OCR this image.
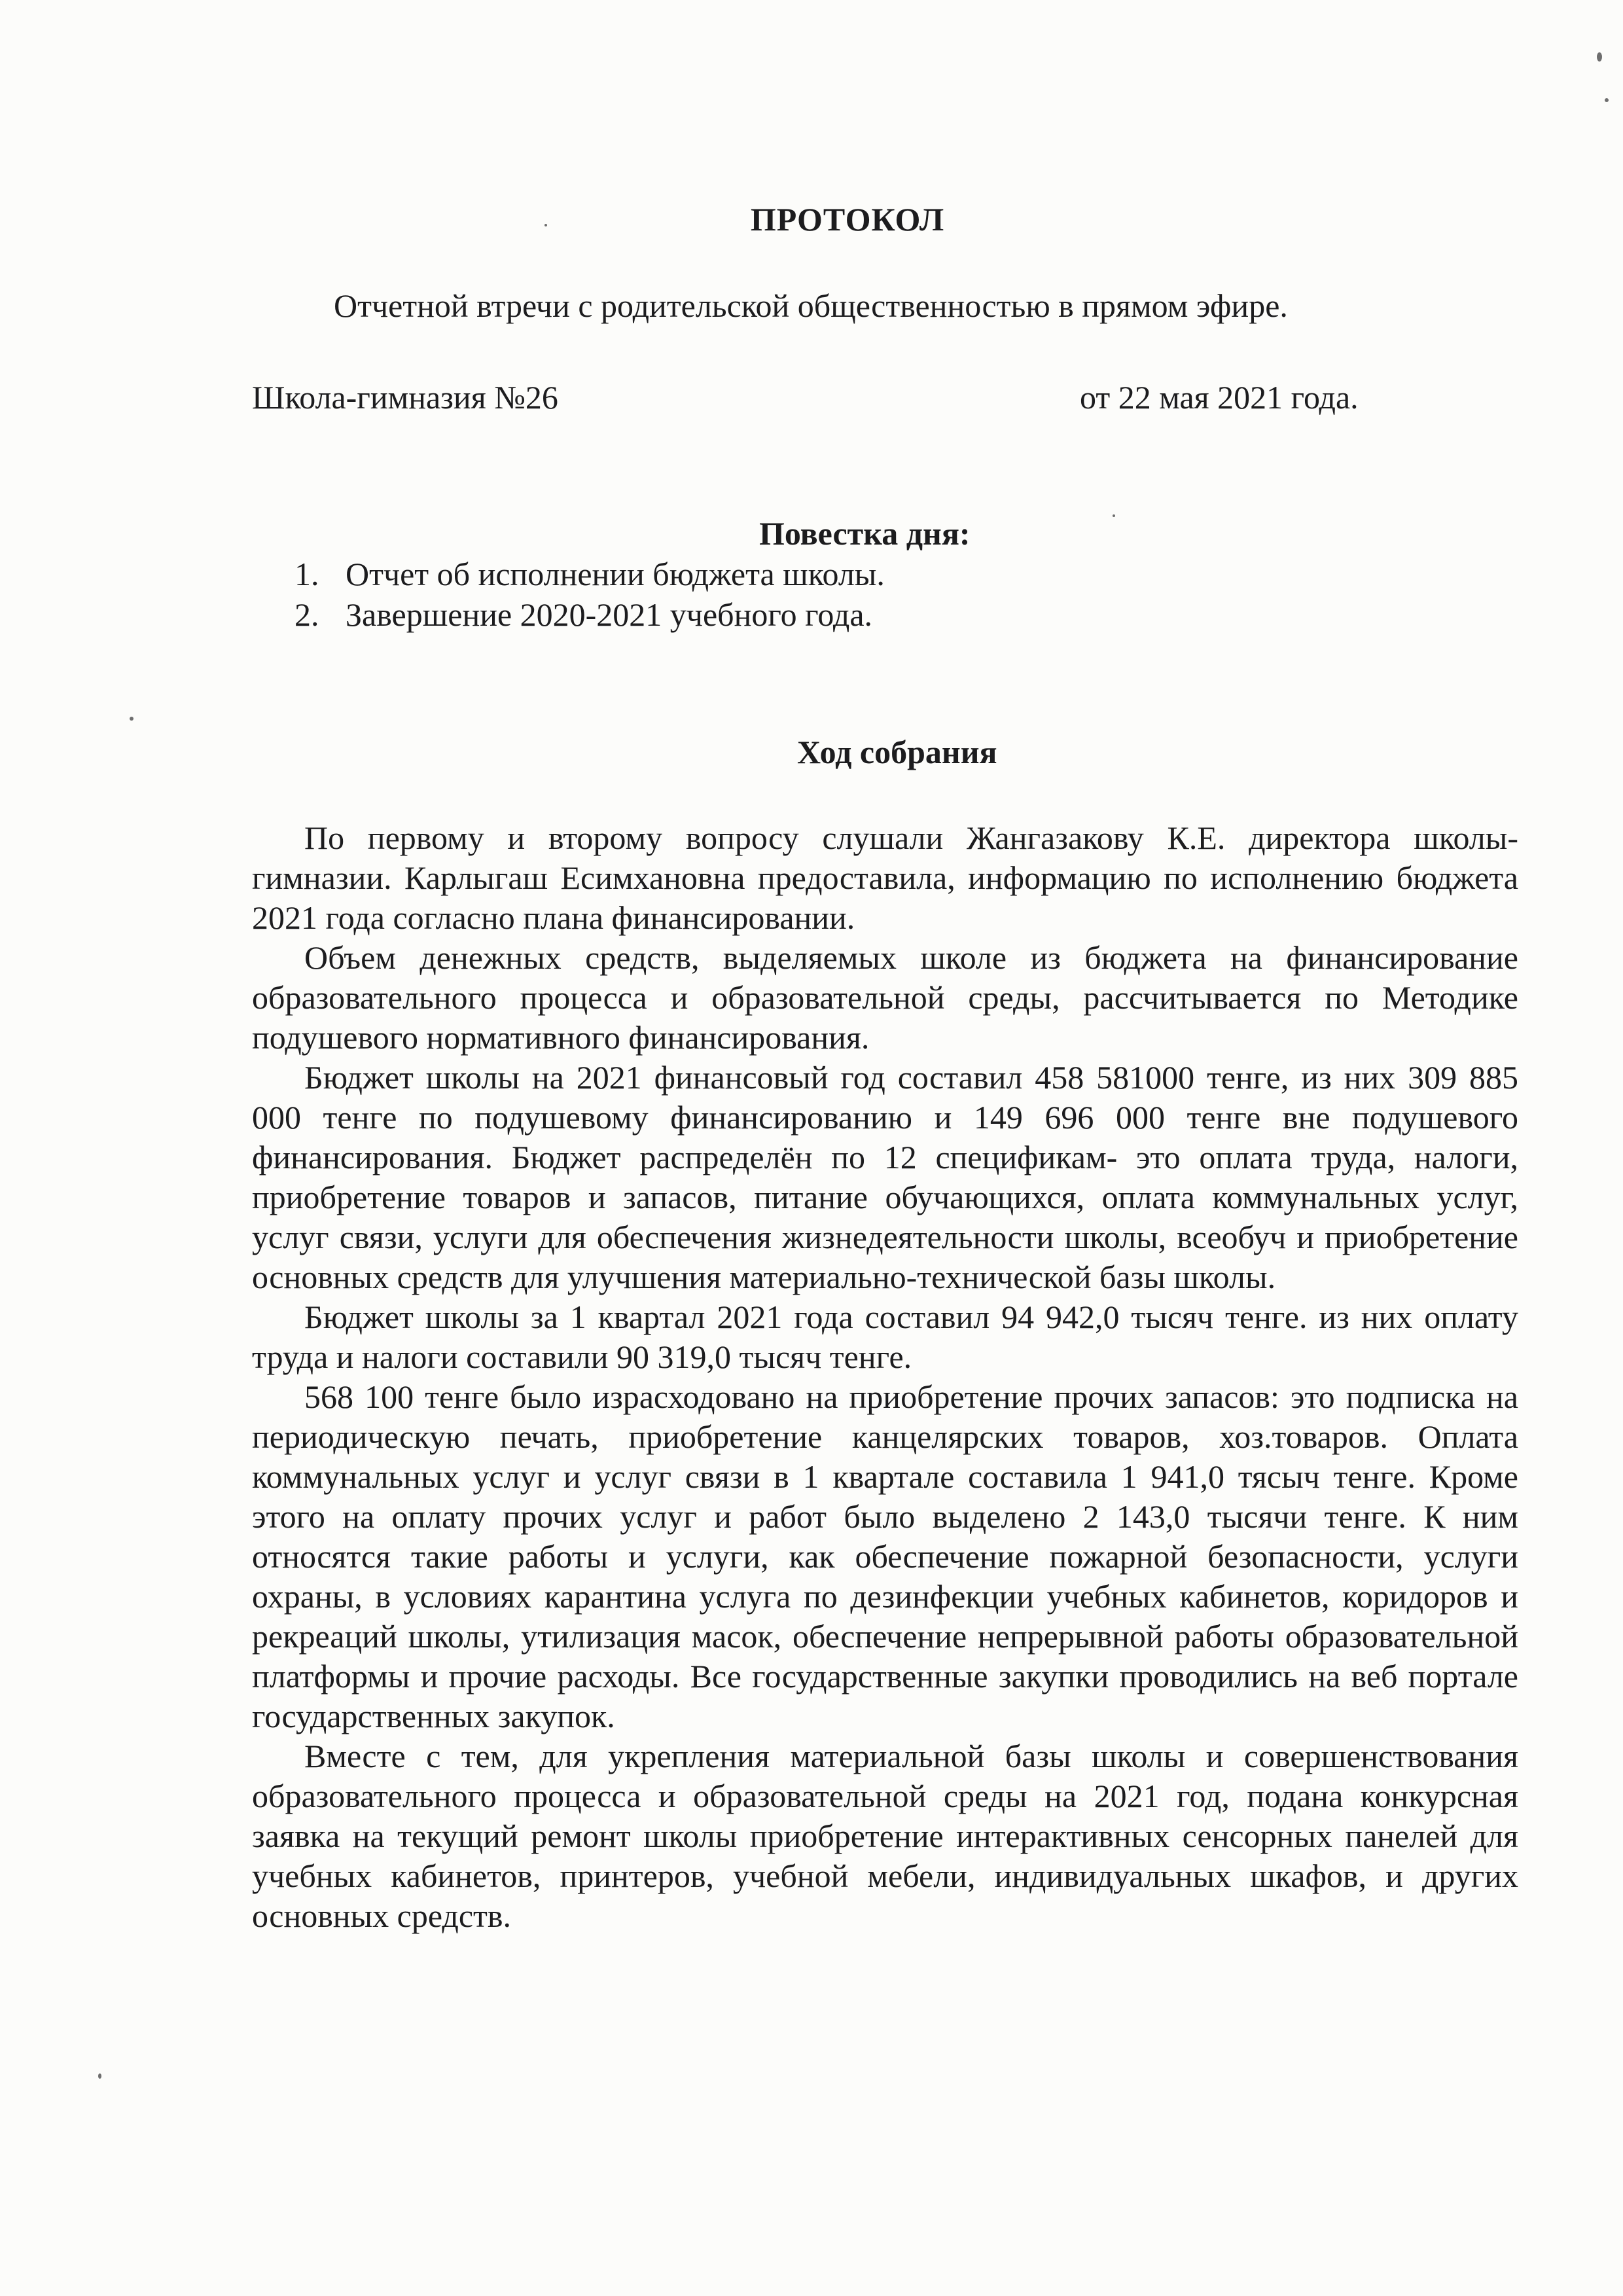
ПРОТОКОЛ
Отчетной втречи с родительской общественностью в прямом эфире.
Школа-гимназия №26	от 22 мая 2021 года.
Повестка дня:
1. Отчет об исполнении бюджета школы.
2. Завершение 2020-2021 учебного года.
Ход собрания

По первому и второму вопросу слушали Жангазакову К.Е. директора школы-гимназии. Карлыгаш Есимхановна предоставила, информацию по исполнению бюджета 2021 года согласно плана финансировании.

Объем денежных средств, выделяемых школе из бюджета на финансирование образовательного процесса и образовательной среды, рассчитывается по Методике подушевого нормативного финансирования.

Бюджет школы на 2021 финансовый год составил 458 581000 тенге, из них 309 885 000 тенге по подушевому финансированию и 149 696 000 тенге вне подушевого финансирования. Бюджет распределён по 12 спецификам- это оплата труда, налоги, приобретение товаров и запасов, питание обучающихся, оплата коммунальных услуг, услуг связи, услуги для обеспечения жизнедеятельности школы, всеобуч и приобретение основных средств для улучшения материально-технической базы школы.

Бюджет школы за 1 квартал 2021 года составил 94 942,0 тысяч тенге. из них оплату труда и налоги составили 90 319,0 тысяч тенге.

568 100 тенге было израсходовано на приобретение прочих запасов: это подписка на периодическую печать, приобретение канцелярских товаров, хоз.товаров. Оплата коммунальных услуг и услуг связи в 1 квартале составила 1 941,0 тясыч тенге. Кроме этого на оплату прочих услуг и работ было выделено 2 143,0 тысячи тенге. К ним относятся такие работы и услуги, как обеспечение пожарной безопасности, услуги охраны, в условиях карантина услуга по дезинфекции учебных кабинетов, коридоров и рекреаций школы, утилизация масок, обеспечение непрерывной работы образовательной платформы и прочие расходы. Все государственные закупки проводились на веб портале государственных закупок.

Вместе с тем, для укрепления материальной базы школы и совершенствования образовательного процесса и образовательной среды на 2021 год, подана конкурсная заявка на текущий ремонт школы приобретение интерактивных сенсорных панелей для учебных кабинетов, принтеров, учебной мебели, индивидуальных шкафов, и других основных средств.
